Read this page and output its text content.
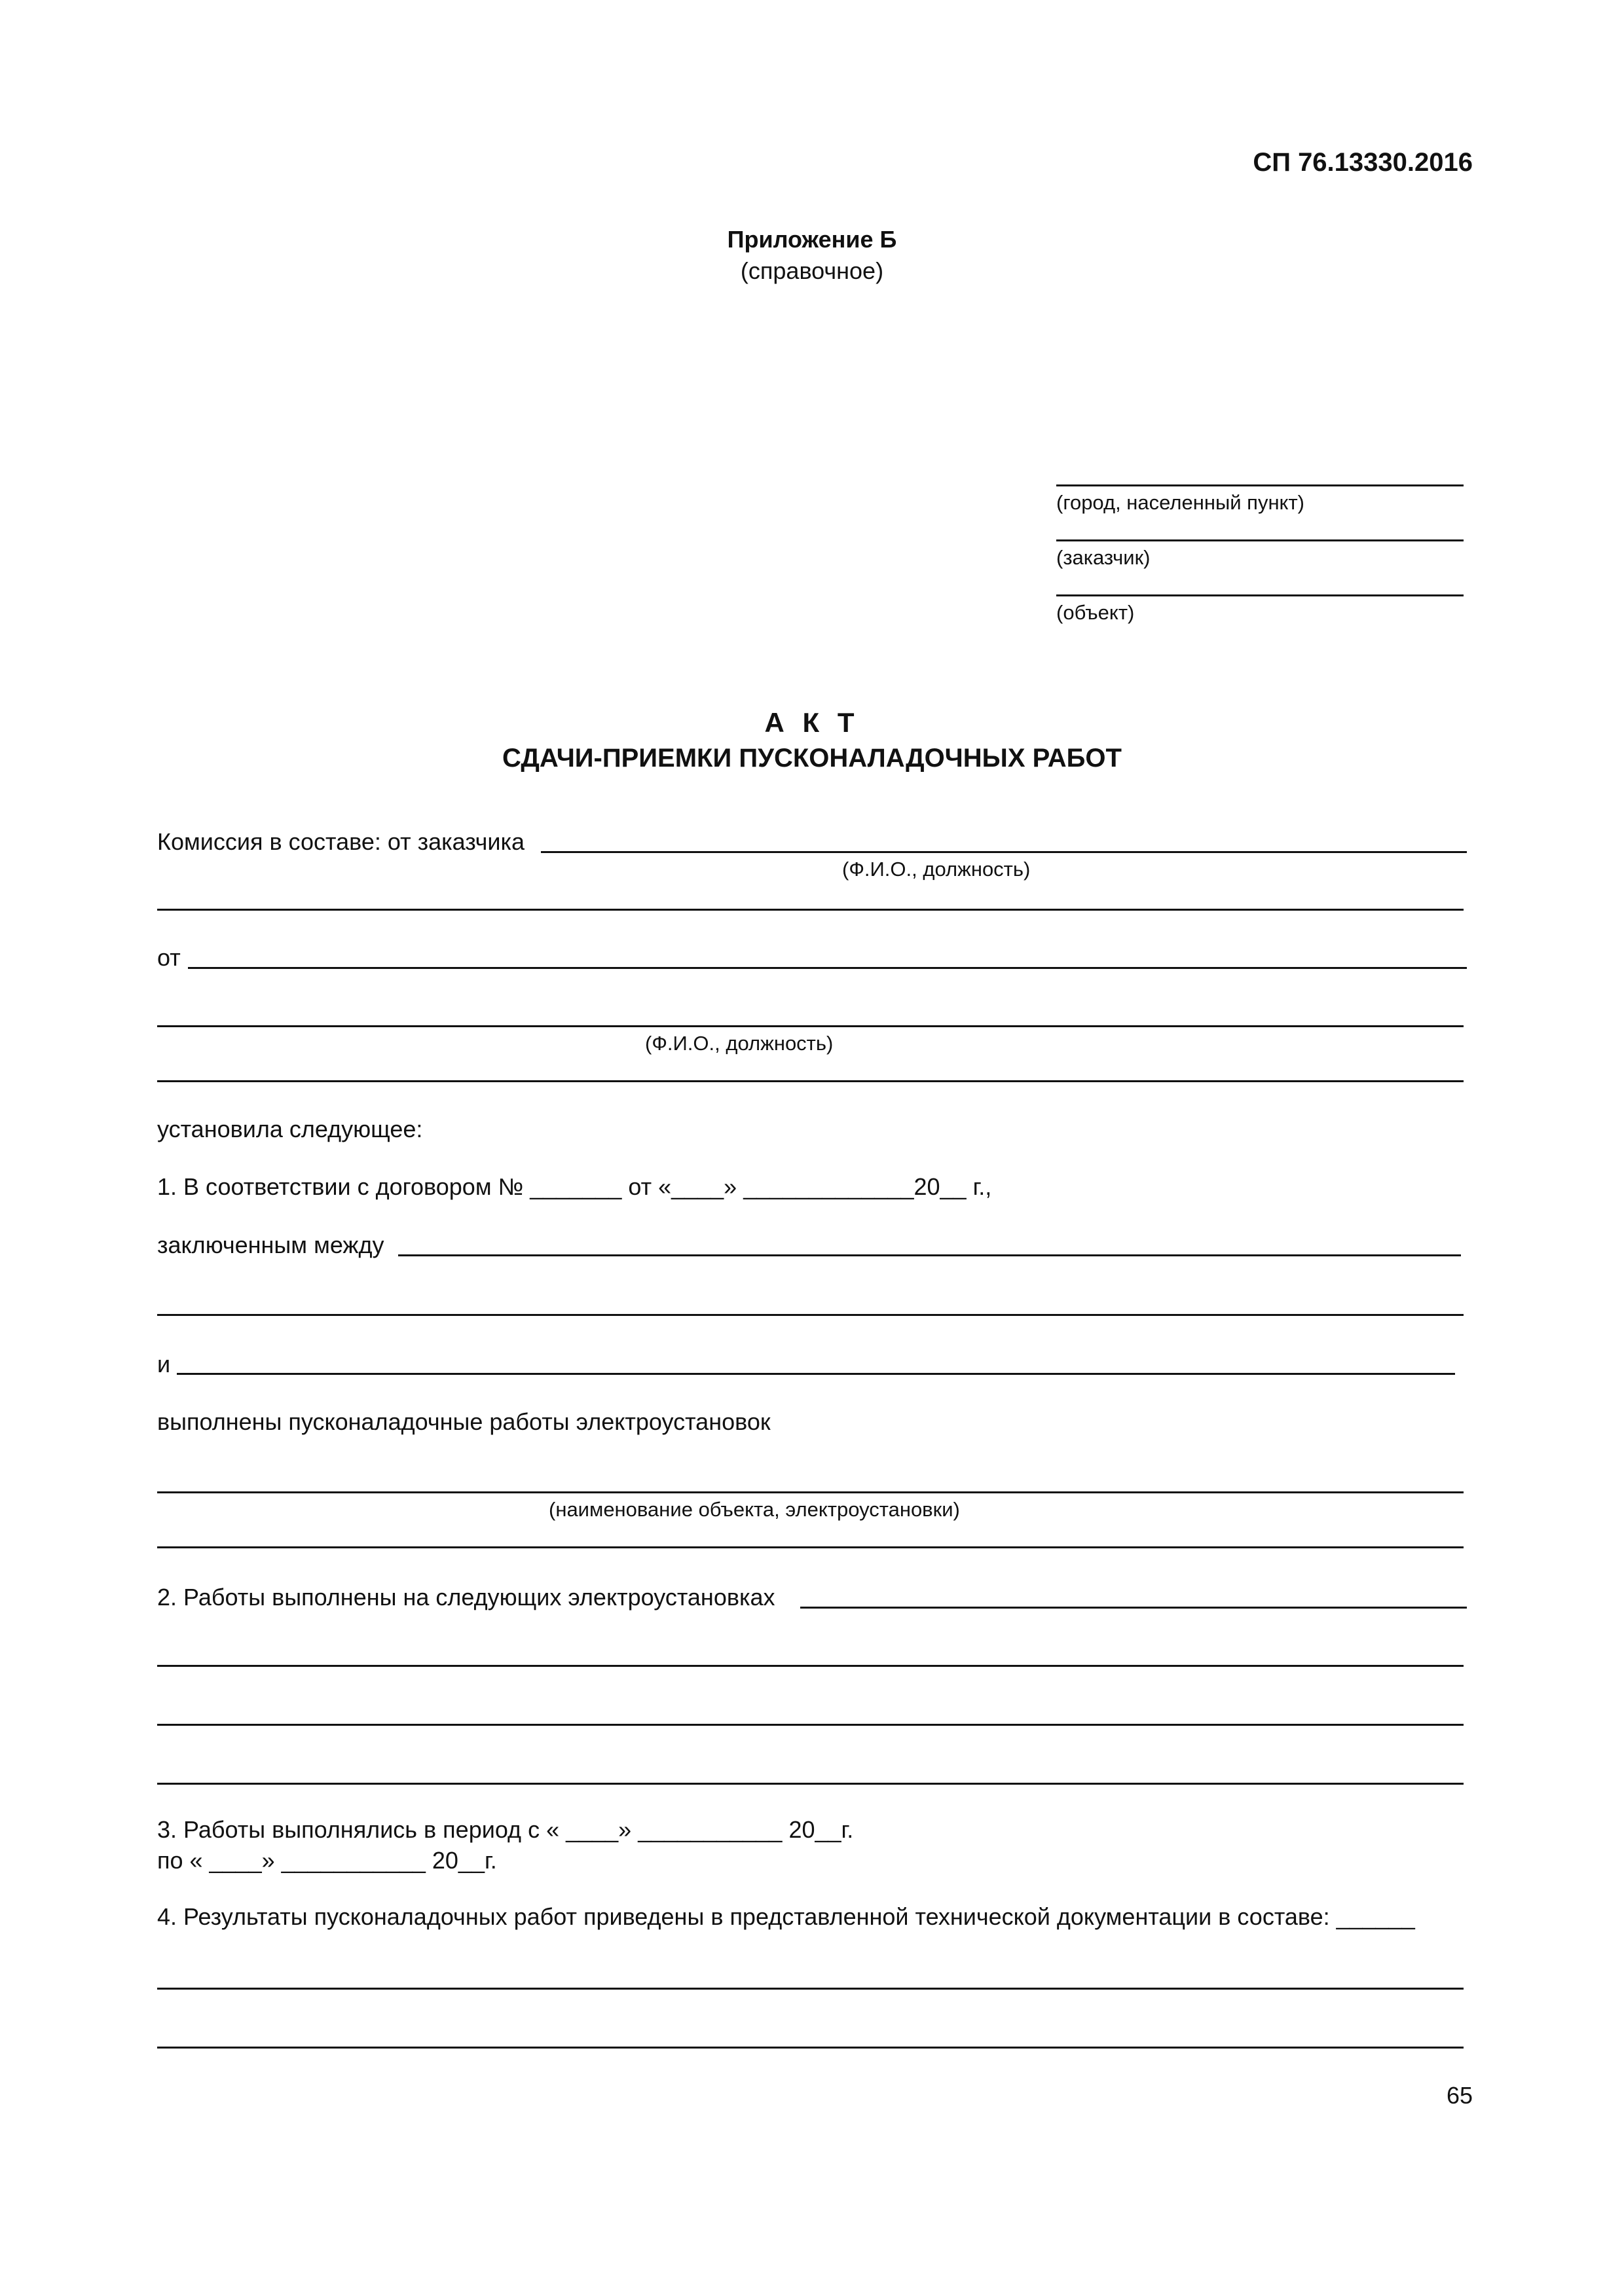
СП 76.13330.2016
Приложение Б
(справочное)
(город, населенный пункт)
(заказчик)
(объект)
А К Т
СДАЧИ-ПРИЕМКИ ПУСКОНАЛАДОЧНЫХ РАБОТ
Комиссия в составе: от заказчика
(Ф.И.О., должность)
от
(Ф.И.О., должность)
установила следующее:
1. В соответствии с договором № _______ от «____» _____________20__ г.,
заключенным между
и
выполнены пусконаладочные работы электроустановок
(наименование объекта, электроустановки)
2. Работы выполнены на следующих электроустановках
3. Работы выполнялись в период с « ____» ___________ 20__г.
по « ____» ___________ 20__г.
4. Результаты пусконаладочных работ приведены в представленной технической документации в составе: ______
65
